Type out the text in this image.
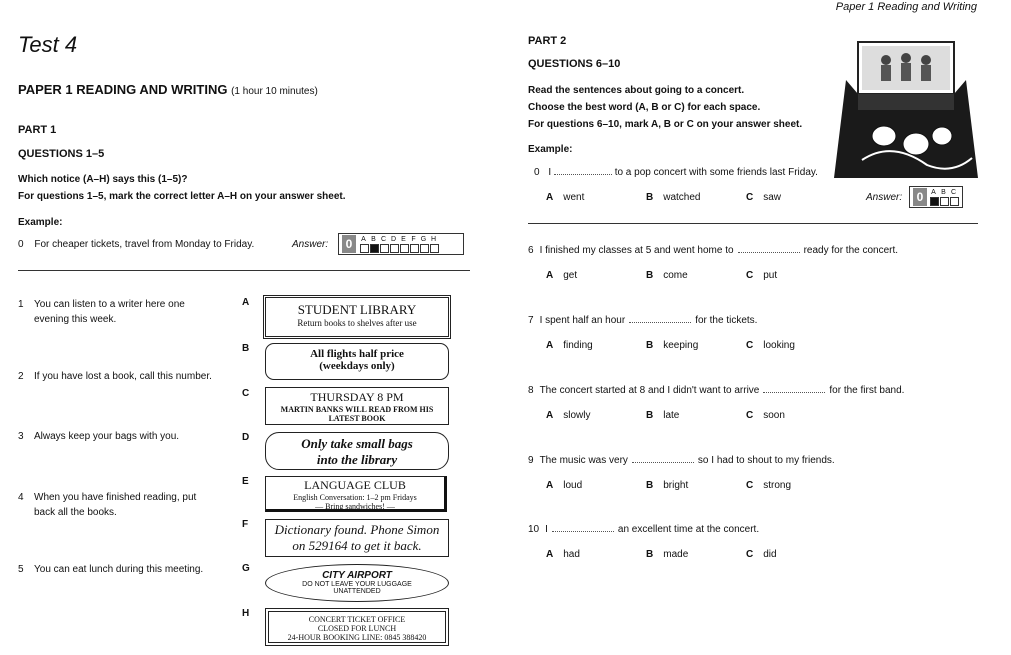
Paper 1 Reading and Writing
Test 4
PAPER 1 READING AND WRITING (1 hour 10 minutes)
PART 1
QUESTIONS 1–5
Which notice (A–H) says this (1–5)?
For questions 1–5, mark the correct letter A–H on your answer sheet.
Example:
0 For cheaper tickets, travel from Monday to Friday.	Answer:	0	A B C D E F G H
1 You can listen to a writer here one
evening this week.
2 If you have lost a book, call this number.
3 Always keep your bags with you.
4 When you have finished reading, put
back all the books.
5 You can eat lunch during this meeting.
A
B
C
D
E
F
G
H
STUDENT LIBRARY
Return books to shelves after use
All flights half price
(weekdays only)
THURSDAY 8 PM
MARTIN BANKS WILL READ FROM HIS
LATEST BOOK
Only take small bags
into the library
LANGUAGE CLUB
English Conversation: 1–2 pm Fridays
— Bring sandwiches! —
Dictionary found. Phone Simon
on 529164 to get it back.
CITY AIRPORT
DO NOT LEAVE YOUR LUGGAGE
UNATTENDED
CONCERT TICKET OFFICE
CLOSED FOR LUNCH
24-HOUR BOOKING LINE: 0845 388420
PART 2
QUESTIONS 6–10
Read the sentences about going to a concert.
Choose the best word (A, B or C) for each space.
For questions 6–10, mark A, B or C on your answer sheet.
Example:
0 I	to a pop concert with some friends last Friday.
A went	B watched	C saw	Answer:	0	A B C
6 I finished my classes at 5 and went home to	ready for the concert.
A get	B come	C put
7 I spent half an hour	for the tickets.
A finding	B keeping	C looking
8 The concert started at 8 and I didn't want to arrive	for the first band.
A slowly	B late	C soon
9 The music was very	so I had to shout to my friends.
A loud	B bright	C strong
10 I	an excellent time at the concert.
A had	B made	C did
